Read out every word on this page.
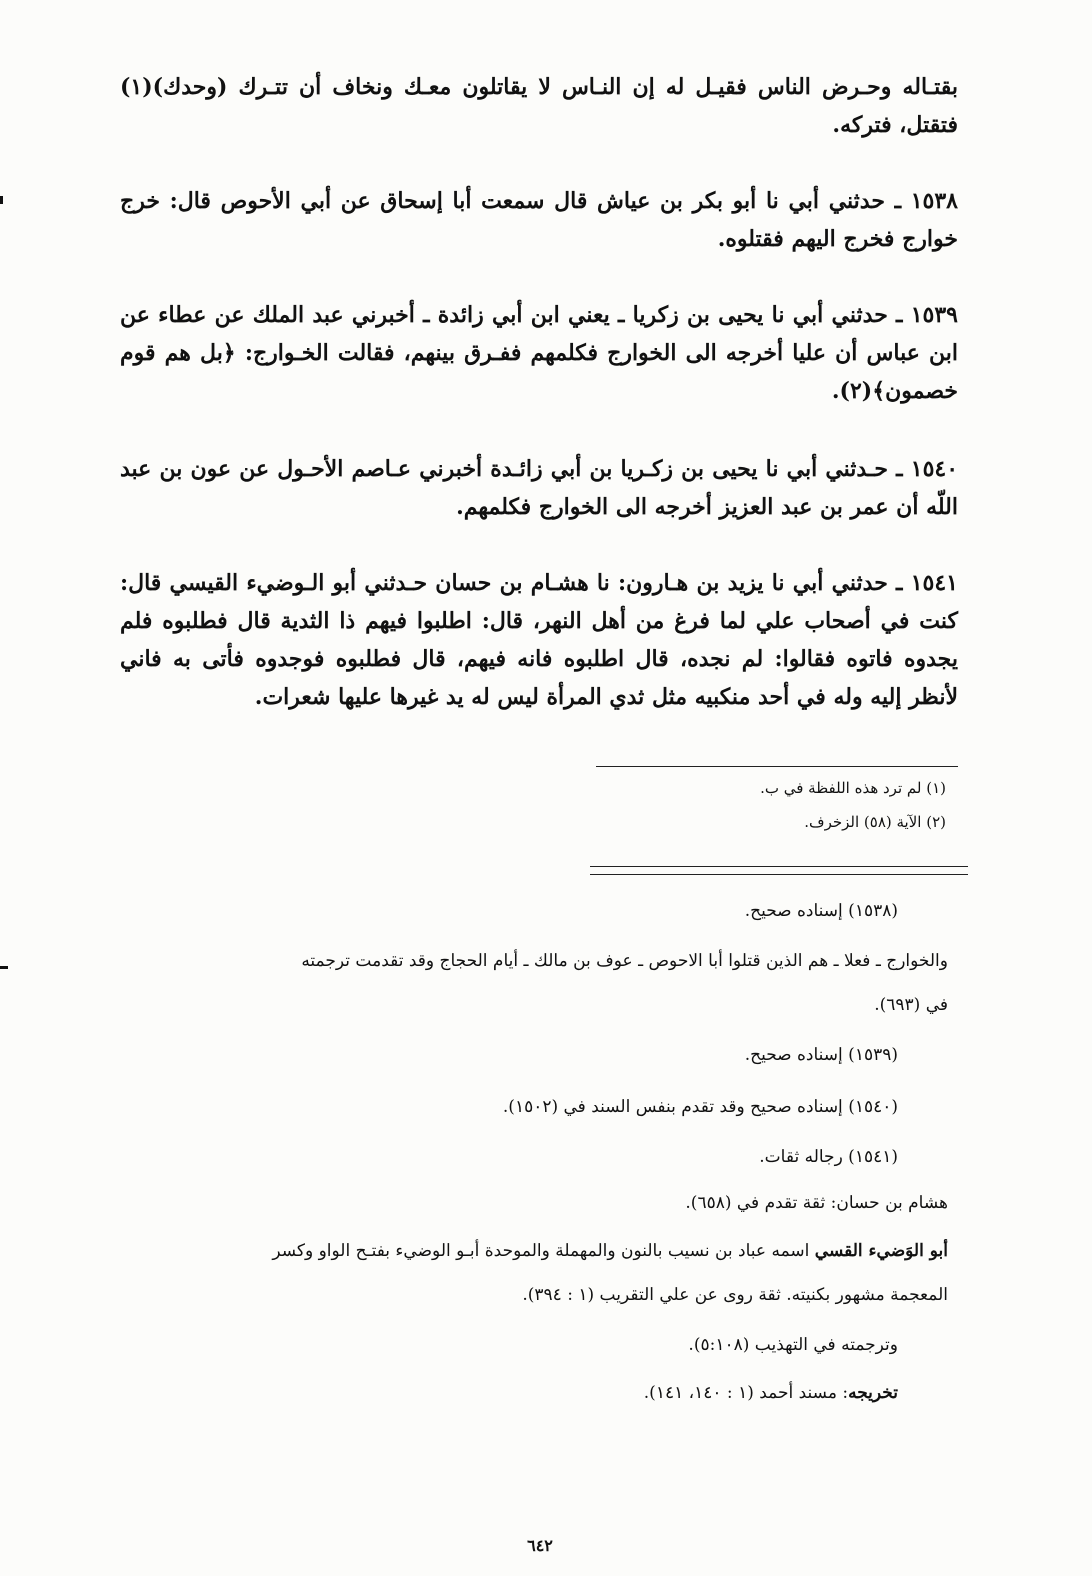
بقتـاله وحـرض الناس فقيـل له إن النـاس لا يقاتلون معـك ونخاف أن تتـرك (وحدك)(١) فتقتل، فتركه.

١٥٣٨ ـ حدثني أبي نا أبو بكر بن عياش قال سمعت أبا إسحاق عن أبي الأحوص قال: خرج خوارج فخرج اليهم فقتلوه.

١٥٣٩ ـ حدثني أبي نا يحيى بن زكريا ـ يعني ابن أبي زائدة ـ أخبرني عبد الملك عن عطاء عن ابن عباس أن عليا أخرجه الى الخوارج فكلمهم ففـرق بينهم، فقالت الخـوارج: ﴿بل هم قوم خصمون﴾(٢).

١٥٤٠ ـ حـدثني أبي نا يحيى بن زكـريا بن أبي زائـدة أخبرني عـاصم الأحـول عن عون بن عبد اللّه أن عمر بن عبد العزيز أخرجه الى الخوارج فكلمهم.

١٥٤١ ـ حدثني أبي نا يزيد بن هـارون: نا هشـام بن حسان حـدثني أبو الـوضيء القيسي قال: كنت في أصحاب علي لما فرغ من أهل النهر، قال: اطلبوا فيهم ذا الثدية قال فطلبوه فلم يجدوه فاتوه فقالوا: لم نجده، قال اطلبوه فانه فيهم، قال فطلبوه فوجدوه فأتى به فاني لأنظر إليه وله في أحد منكبيه مثل ثدي المرأة ليس له يد غيرها عليها شعرات.

(١) لم ترد هذه اللفظة في ب.
(٢) الآية (٥٨) الزخرف.

(١٥٣٨) إسناده صحيح.

والخوارج ـ فعلا ـ هم الذين قتلوا أبا الاحوص ـ عوف بن مالك ـ أيام الحجاج وقد تقدمت ترجمته

في (٦٩٣).

(١٥٣٩) إسناده صحيح.

(١٥٤٠) إسناده صحيح وقد تقدم بنفس السند في (١٥٠٢).

(١٥٤١) رجاله ثقات.

هشام بن حسان: ثقة تقدم في (٦٥٨).

أبو الوَضيء القسي اسمه عباد بن نسيب بالنون والمهملة والموحدة أبـو الوضيء بفتـح الواو وكسر

المعجمة مشهور بكنيته. ثقة روى عن علي التقريب (١ : ٣٩٤).

وترجمته في التهذيب (٥:١٠٨).

تخريجه: مسند أحمد (١ : ١٤٠، ١٤١).

٦٤٢
